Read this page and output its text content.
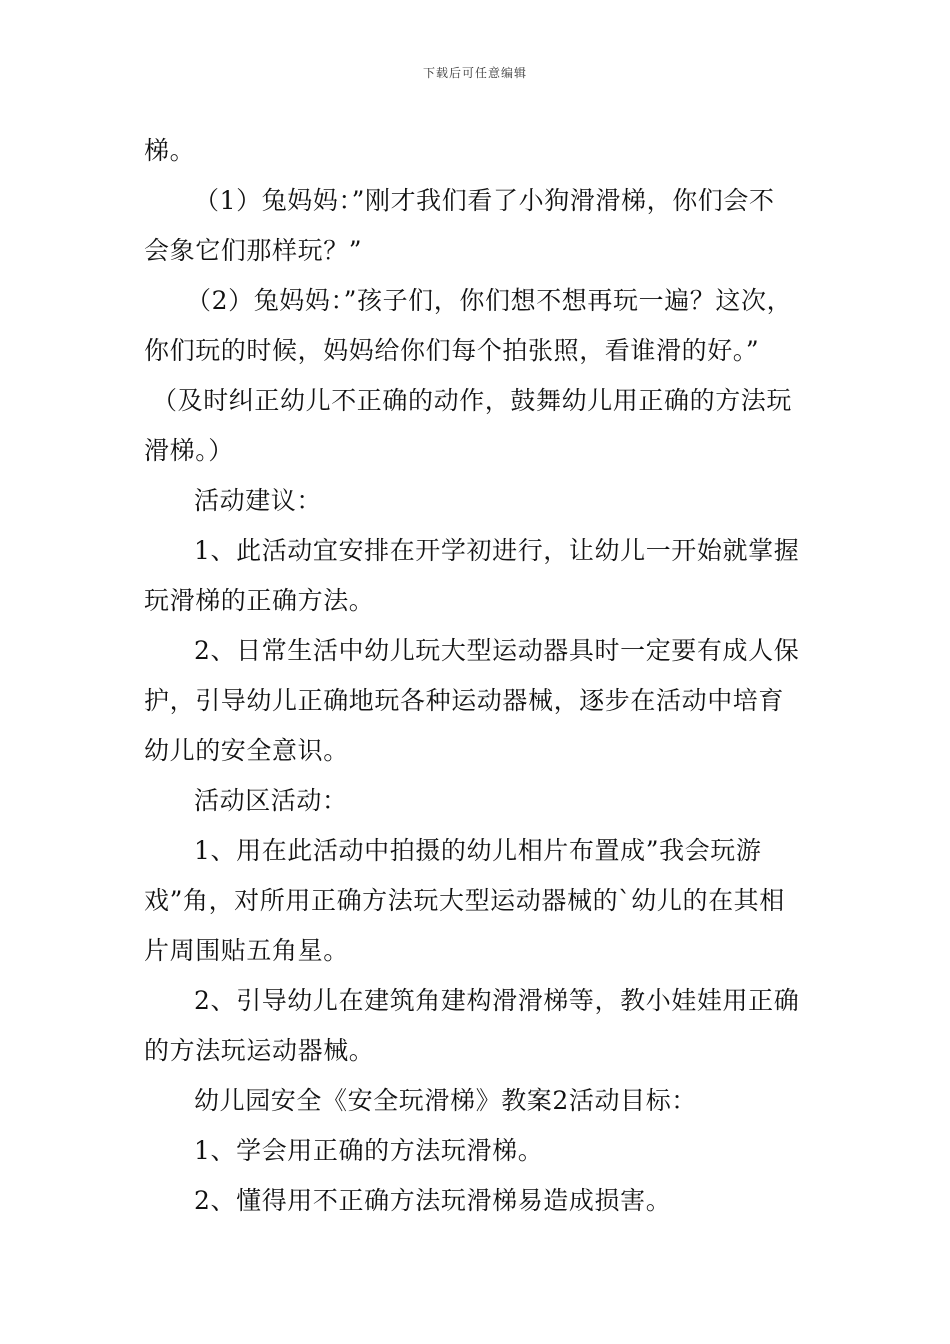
下载后可任意编辑
梯。
（1）兔妈妈：”刚才我们看了小狗滑滑梯，你们会不
会象它们那样玩？”
（2）兔妈妈：”孩子们，你们想不想再玩一遍？这次，
你们玩的时候，妈妈给你们每个拍张照，看谁滑的好。”
（及时纠正幼儿不正确的动作，鼓舞幼儿用正确的方法玩
滑梯。）
活动建议：
1、此活动宜安排在开学初进行，让幼儿一开始就掌握
玩滑梯的正确方法。
2、日常生活中幼儿玩大型运动器具时一定要有成人保
护，引导幼儿正确地玩各种运动器械，逐步在活动中培育
幼儿的安全意识。
活动区活动：
1、用在此活动中拍摄的幼儿相片布置成”我会玩游
戏”角，对所用正确方法玩大型运动器械的`幼儿的在其相
片周围贴五角星。
2、引导幼儿在建筑角建构滑滑梯等，教小娃娃用正确
的方法玩运动器械。
幼儿园安全《安全玩滑梯》教案2活动目标：
1、学会用正确的方法玩滑梯。
2、懂得用不正确方法玩滑梯易造成损害。
